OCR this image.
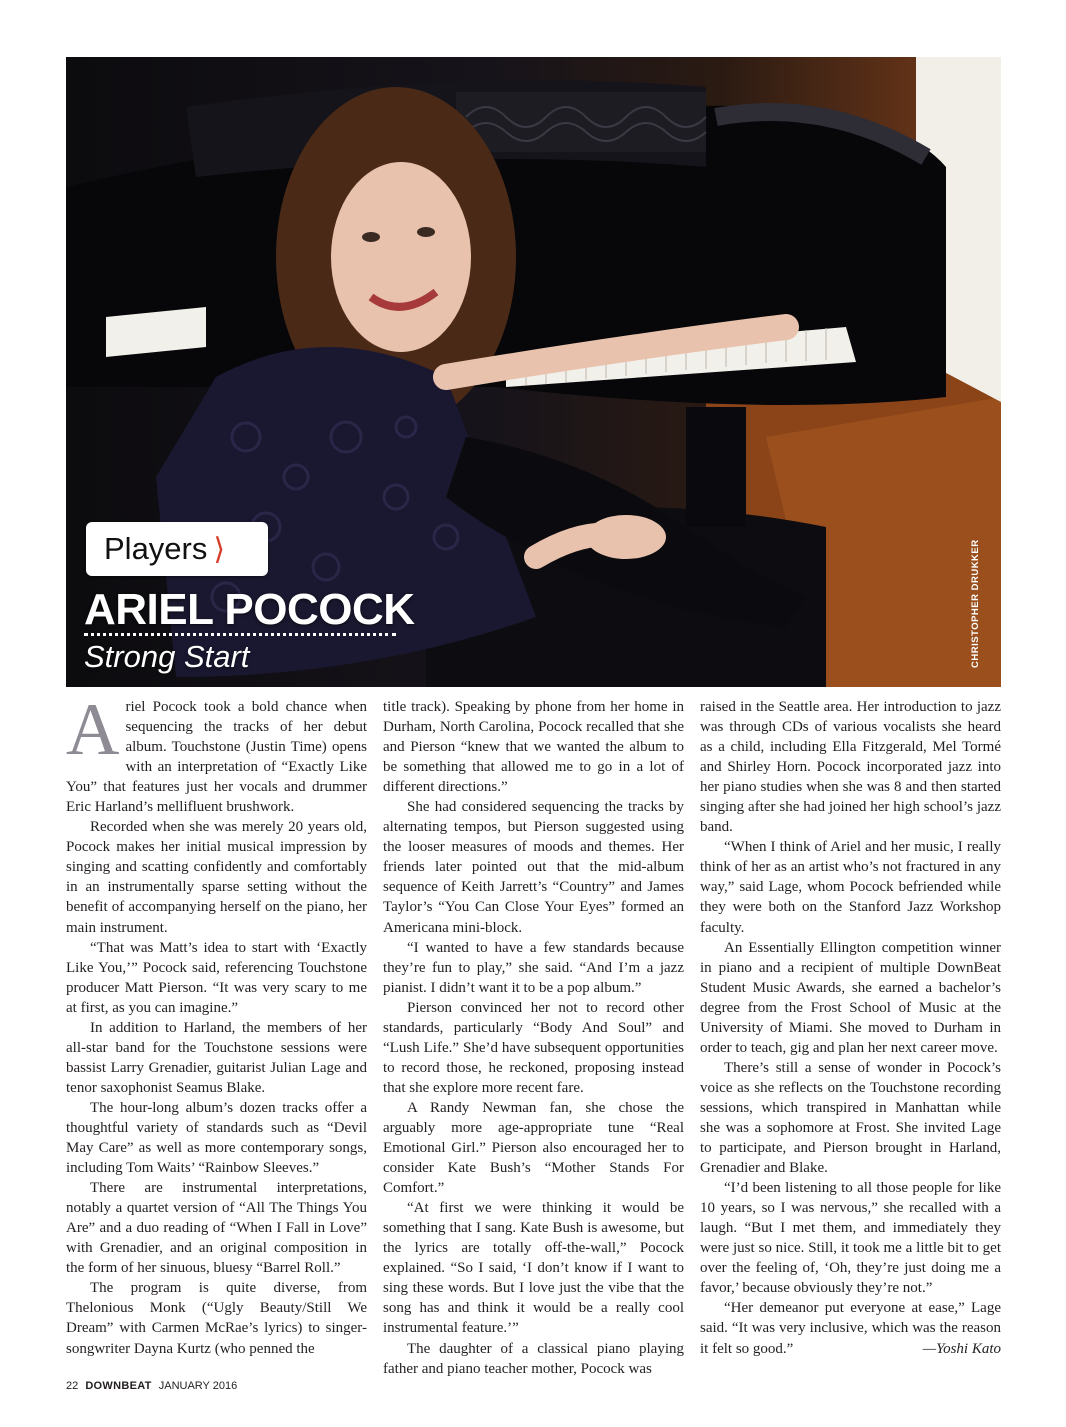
Players ⟩
ARIEL POCOCK
Strong Start	CHRISTOPHER DRUKKER

Ariel Pocock took a bold chance when sequencing the tracks of her debut album. Touchstone (Justin Time) opens with an interpretation of “Exactly Like You” that features just her vocals and drummer Eric Harland’s mellifluent brushwork.

Recorded when she was merely 20 years old, Pocock makes her initial musical impression by singing and scatting confidently and comfortably in an instrumentally sparse setting without the benefit of accompanying herself on the piano, her main instrument.

“That was Matt’s idea to start with ‘Exactly Like You,’” Pocock said, referencing Touchstone producer Matt Pierson. “It was very scary to me at first, as you can imagine.”

In addition to Harland, the members of her all-star band for the Touchstone sessions were bassist Larry Grenadier, guitarist Julian Lage and tenor saxophonist Seamus Blake.

The hour-long album’s dozen tracks offer a thoughtful variety of standards such as “Devil May Care” as well as more contemporary songs, including Tom Waits’ “Rainbow Sleeves.”

There are instrumental interpretations, notably a quartet version of “All The Things You Are” and a duo reading of “When I Fall in Love” with Grenadier, and an original composition in the form of her sinuous, bluesy “Barrel Roll.”

The program is quite diverse, from Thelonious Monk (“Ugly Beauty/Still We Dream” with Carmen McRae’s lyrics) to singer-songwriter Dayna Kurtz (who penned the

title track). Speaking by phone from her home in Durham, North Carolina, Pocock recalled that she and Pierson “knew that we wanted the album to be something that allowed me to go in a lot of different directions.”

She had considered sequencing the tracks by alternating tempos, but Pierson suggested using the looser measures of moods and themes. Her friends later pointed out that the mid-album sequence of Keith Jarrett’s “Country” and James Taylor’s “You Can Close Your Eyes” formed an Americana mini-block.

“I wanted to have a few standards because they’re fun to play,” she said. “And I’m a jazz pianist. I didn’t want it to be a pop album.”

Pierson convinced her not to record other standards, particularly “Body And Soul” and “Lush Life.” She’d have subsequent opportunities to record those, he reckoned, proposing instead that she explore more recent fare.

A Randy Newman fan, she chose the arguably more age-appropriate tune “Real Emotional Girl.” Pierson also encouraged her to consider Kate Bush’s “Mother Stands For Comfort.”

“At first we were thinking it would be something that I sang. Kate Bush is awesome, but the lyrics are totally off-the-wall,” Pocock explained. “So I said, ‘I don’t know if I want to sing these words. But I love just the vibe that the song has and think it would be a really cool instrumental feature.’”

The daughter of a classical piano playing father and piano teacher mother, Pocock was

raised in the Seattle area. Her introduction to jazz was through CDs of various vocalists she heard as a child, including Ella Fitzgerald, Mel Tormé and Shirley Horn. Pocock incorporated jazz into her piano studies when she was 8 and then started singing after she had joined her high school’s jazz band.

“When I think of Ariel and her music, I really think of her as an artist who’s not fractured in any way,” said Lage, whom Pocock befriended while they were both on the Stanford Jazz Workshop faculty.

An Essentially Ellington competition winner in piano and a recipient of multiple DownBeat Student Music Awards, she earned a bachelor’s degree from the Frost School of Music at the University of Miami. She moved to Durham in order to teach, gig and plan her next career move.

There’s still a sense of wonder in Pocock’s voice as she reflects on the Touchstone recording sessions, which transpired in Manhattan while she was a sophomore at Frost. She invited Lage to participate, and Pierson brought in Harland, Grenadier and Blake.

“I’d been listening to all those people for like 10 years, so I was nervous,” she recalled with a laugh. “But I met them, and immediately they were just so nice. Still, it took me a little bit to get over the feeling of, ‘Oh, they’re just doing me a favor,’ because obviously they’re not.”

“Her demeanor put everyone at ease,” Lage said. “It was very inclusive, which was the reason it felt so good.”	—Yoshi Kato

22 DOWNBEAT JANUARY 2016
